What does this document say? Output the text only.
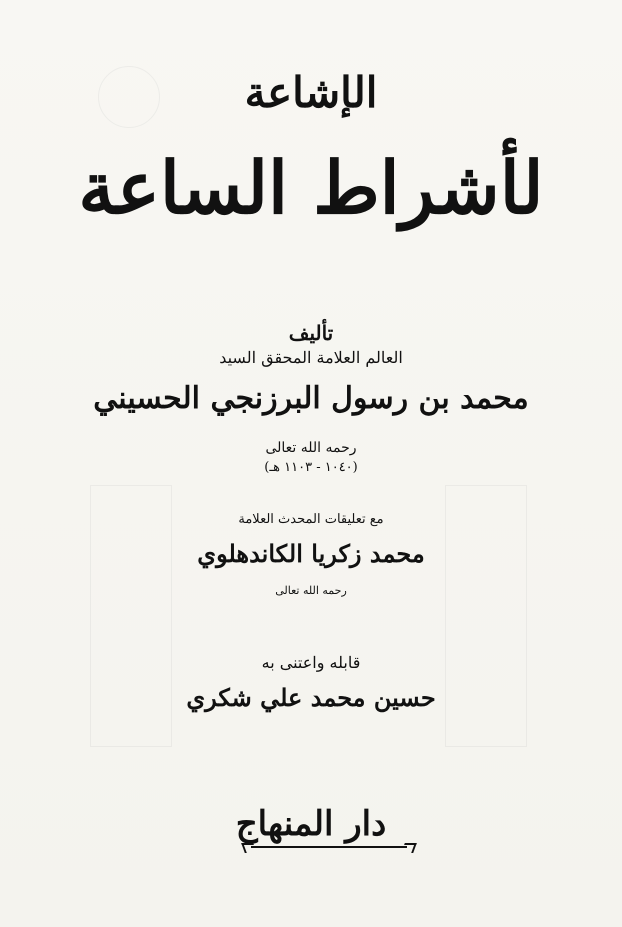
الإشاعة
لأشراط الساعة
تأليف
العالم العلامة المحقق السيد
محمد بن رسول البرزنجي الحسيني
رحمه الله تعالى
(١٠٤٠ - ١١٠٣ هـ)
مع تعليقات المحدث العلامة
محمد زكريا الكاندهلوي
رحمه الله تعالى
قابله واعتنى به
حسين محمد علي شكري
دار المنهاج
